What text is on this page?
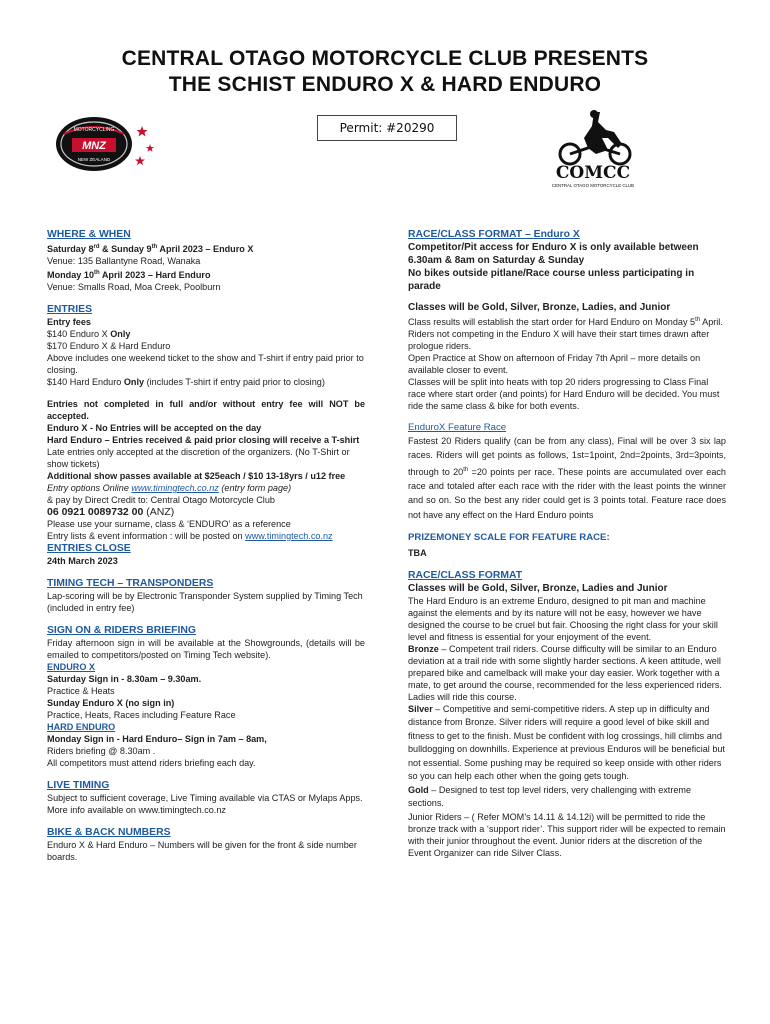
CENTRAL OTAGO MOTORCYCLE CLUB PRESENTS
THE SCHIST ENDURO X & HARD ENDURO
Permit: #20290
MOTORCYCLING
MNZ
NEW ZEALAND
COMCC
CENTRAL OTAGO MOTORCYCLE CLUB
WHERE & WHEN

Saturday 8rd & Sunday 9th April 2023 – Enduro X

Venue: 135 Ballantyne Road, Wanaka

Monday 10th April 2023 – Hard Enduro

Venue: Smalls Road, Moa Creek, Poolburn

ENTRIES

Entry fees

$140 Enduro X Only

$170 Enduro X & Hard Enduro

Above includes one weekend ticket to the show and T-shirt if entry paid prior to closing.

$140 Hard Enduro Only (includes T-shirt if entry paid prior to closing)

Entries not completed in full and/or without entry fee will NOT be accepted.

Enduro X - No Entries will be accepted on the day

Hard Enduro – Entries received & paid prior closing will receive a T-shirt

Late entries only accepted at the discretion of the organizers. (No T-Shirt or show tickets)

Additional show passes available at $25each / $10 13-18yrs / u12 free

Entry options Online www.timingtech.co.nz (entry form page)

& pay by Direct Credit to: Central Otago Motorcycle Club

06 0921 0089732 00 (ANZ)

Please use your surname, class & ‘ENDURO’ as a reference

Entry lists & event information : will be posted on www.timingtech.co.nz

ENTRIES CLOSE

24th March 2023

TIMING TECH – TRANSPONDERS

Lap-scoring will be by Electronic Transponder System supplied by Timing Tech (included in entry fee)

SIGN ON & RIDERS BRIEFING

Friday afternoon sign in will be available at the Showgrounds, (details will be emailed to competitors/posted on Timing Tech website).

ENDURO X

Saturday Sign in - 8.30am – 9.30am.

Practice & Heats

Sunday Enduro X (no sign in)

Practice, Heats, Races including Feature Race

HARD ENDURO

Monday Sign in - Hard Enduro– Sign in 7am – 8am,

Riders briefing @ 8.30am .

All competitors must attend riders briefing each day.

LIVE TIMING

Subject to sufficient coverage, Live Timing available via CTAS or Mylaps Apps.

More info available on www.timingtech.co.nz

BIKE & BACK NUMBERS

Enduro X & Hard Enduro – Numbers will be given for the front & side number boards.

RACE/CLASS FORMAT – Enduro X

Competitor/Pit access for Enduro X is only available between 6.30am & 8am on Saturday & Sunday

No bikes outside pitlane/Race course unless participating in parade

Classes will be Gold, Silver, Bronze, Ladies, and Junior

Class results will establish the start order for Hard Enduro on Monday 5th April. Riders not competing in the Enduro X will have their start times drawn after prologue riders.

Open Practice at Show on afternoon of Friday 7th April – more details on available closer to event.

Classes will be split into heats with top 20 riders progressing to Class Final race where start order (and points) for Hard Enduro will be decided. You must ride the same class & bike for both events.

EnduroX Feature Race

Fastest 20 Riders qualify (can be from any class), Final will be over 3 six lap races. Riders will get points as follows, 1st=1point, 2nd=2points, 3rd=3points, through to 20th =20 points per race. These points are accumulated over each race and totaled after each race with the rider with the least points the winner and so on. So the best any rider could get is 3 points total. Feature race does not have any effect on the Hard Enduro points

PRIZEMONEY SCALE FOR FEATURE RACE:

TBA

RACE/CLASS FORMAT

Classes will be Gold, Silver, Bronze, Ladies and Junior

The Hard Enduro is an extreme Enduro, designed to pit man and machine against the elements and by its nature will not be easy, however we have designed the course to be cruel but fair. Choosing the right class for your skill level and fitness is essential for your enjoyment of the event.

Bronze – Competent trail riders. Course difficulty will be similar to an Enduro deviation at a trail ride with some slightly harder sections. A keen attitude, well prepared bike and camelback will make your day easier. Work together with a mate, to get around the course, recommended for the less experienced riders. Ladies will ride this course.

Silver – Competitive and semi-competitive riders. A step up in difficulty and distance from Bronze. Silver riders will require a good level of bike skill and fitness to get to the finish. Must be confident with log crossings, hill climbs and bulldogging on downhills. Experience at previous Enduros will be beneficial but not essential. Some pushing may be required so keep onside with other riders so you can help each other when the going gets tough.

Gold – Designed to test top level riders, very challenging with extreme sections.

Junior Riders – ( Refer MOM’s 14.11 & 14.12i) will be permitted to ride the bronze track with a ‘support rider’. This support rider will be expected to remain with their junior throughout the event. Junior riders at the discretion of the Event Organizer can ride Silver Class.
